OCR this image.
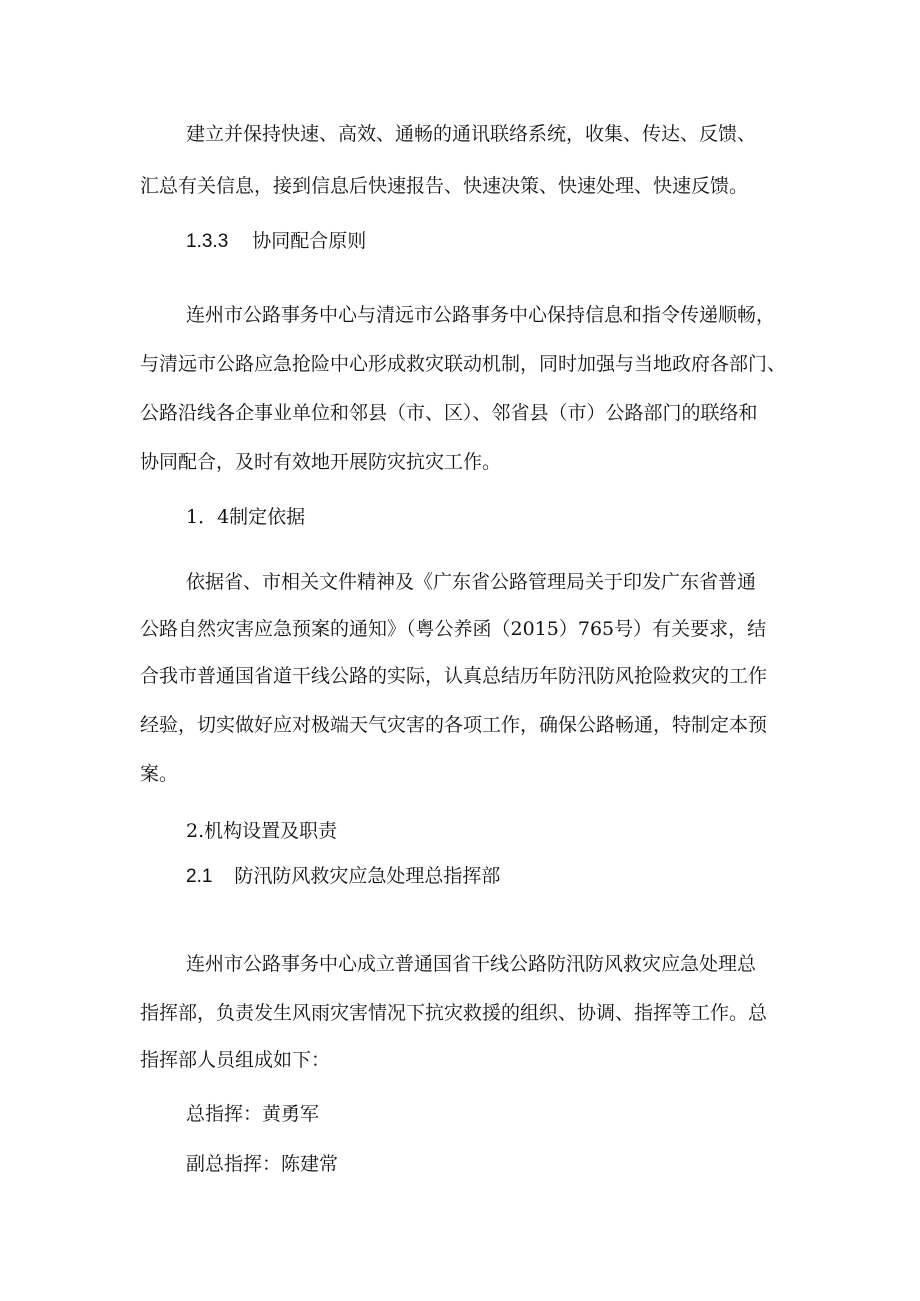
建立并保持快速、高效、通畅的通讯联络系统，收集、传达、反馈、
汇总有关信息，接到信息后快速报告、快速决策、快速处理、快速反馈。
1.3.3 协同配合原则
连州市公路事务中心与清远市公路事务中心保持信息和指令传递顺畅，
与清远市公路应急抢险中心形成救灾联动机制，同时加强与当地政府各部门、
公路沿线各企事业单位和邻县（市、区）、邻省县（市）公路部门的联络和
协同配合，及时有效地开展防灾抗灾工作。
1．4制定依据
依据省、市相关文件精神及《广东省公路管理局关于印发广东省普通
公路自然灾害应急预案的通知》（粤公养函（2015）765号）有关要求，结
合我市普通国省道干线公路的实际，认真总结历年防汛防风抢险救灾的工作
经验，切实做好应对极端天气灾害的各项工作，确保公路畅通，特制定本预
案。
2.机构设置及职责
2.1 防汛防风救灾应急处理总指挥部
连州市公路事务中心成立普通国省干线公路防汛防风救灾应急处理总
指挥部，负责发生风雨灾害情况下抗灾救援的组织、协调、指挥等工作。总
指挥部人员组成如下：
总指挥：黄勇军
副总指挥：陈建常
